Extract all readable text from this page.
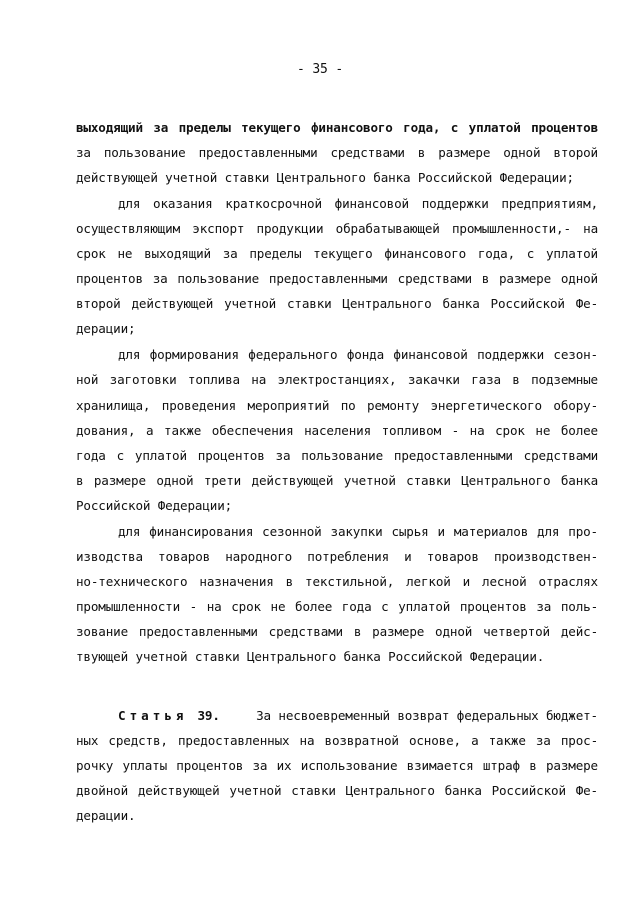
- 35 -
выходящий за пределы текущего финансового года, с уплатой процентов
за пользование предоставленными средствами в размере одной второй
действующей учетной ставки Центрального банка Российской Федерации;
для оказания краткосрочной финансовой поддержки предприятиям,
осуществляющим экспорт продукции обрабатывающей промышленности,- на
срок не выходящий за пределы текущего финансового года, с уплатой
процентов за пользование предоставленными средствами в размере одной
второй действующей учетной ставки Центрального банка Российской Фе-
дерации;
для формирования федерального фонда финансовой поддержки сезон-
ной заготовки топлива на электростанциях, закачки газа в подземные
хранилища, проведения мероприятий по ремонту энергетического обору-
дования, а также обеспечения населения топливом - на срок не более
года с уплатой процентов за пользование предоставленными средствами
в размере одной трети действующей учетной ставки Центрального банка
Российской Федерации;
для финансирования сезонной закупки сырья и материалов для про-
изводства товаров народного потребления и товаров производствен-
но-технического назначения в текстильной, легкой и лесной отраслях
промышленности - на срок не более года с уплатой процентов за поль-
зование предоставленными средствами в размере одной четвертой дейс-
твующей учетной ставки Центрального банка Российской Федерации.
Статья 39.	За несвоевременный возврат федеральных бюджет-
ных средств, предоставленных на возвратной основе, а также за прос-
рочку уплаты процентов за их использование взимается штраф в размере
двойной действующей учетной ставки Центрального банка Российской Фе-
дерации.
